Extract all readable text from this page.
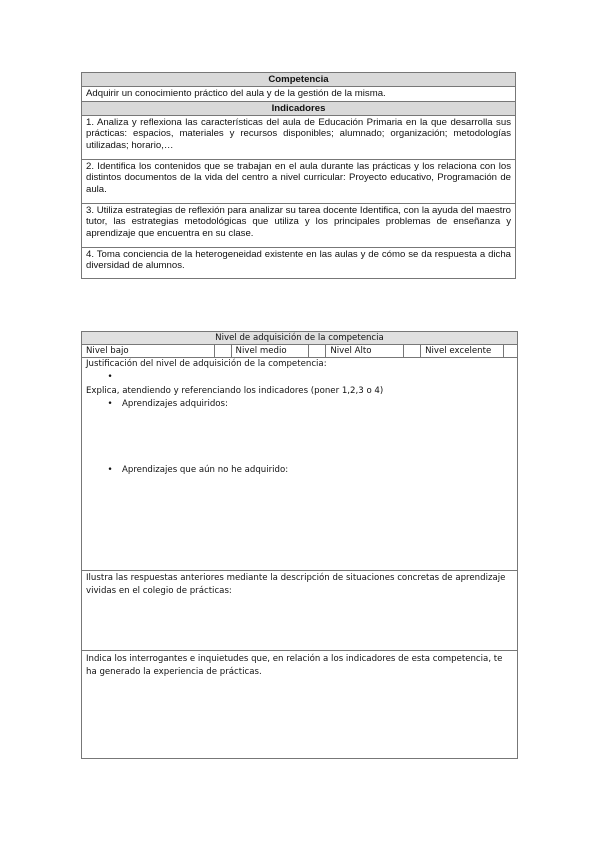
Competencia
Adquirir un conocimiento práctico del aula y de la gestión de la misma.
Indicadores
1. Analiza y reflexiona las características del aula de Educación Primaria en la que desarrolla sus prácticas: espacios, materiales y recursos disponibles; alumnado; organización; metodologías utilizadas; horario,…
2. Identifica los contenidos que se trabajan en el aula durante las prácticas y los relaciona con los distintos documentos de la vida del centro a nivel curricular: Proyecto educativo, Programación de aula.
3. Utiliza estrategias de reflexión para analizar su tarea docente Identifica, con la ayuda del maestro tutor, las estrategias metodológicas que utiliza y los principales problemas de enseñanza y aprendizaje que encuentra en su clase.
4. Toma conciencia de la heterogeneidad existente en las aulas y de cómo se da respuesta a dicha diversidad de alumnos.
Nivel de adquisición de la competencia
Nivel bajo		Nivel medio		Nivel Alto		Nivel excelente	

Justificación del nivel de adquisición de la competencia:
•
Explica, atendiendo y referenciando los indicadores (poner 1,2,3 o 4)
•	Aprendizajes adquiridos:
•	Aprendizajes que aún no he adquirido:

Ilustra las respuestas anteriores mediante la descripción de situaciones concretas de aprendizaje vividas en el colegio de prácticas:

Indica los interrogantes e inquietudes que, en relación a los indicadores de esta competencia, te ha generado la experiencia de prácticas.
